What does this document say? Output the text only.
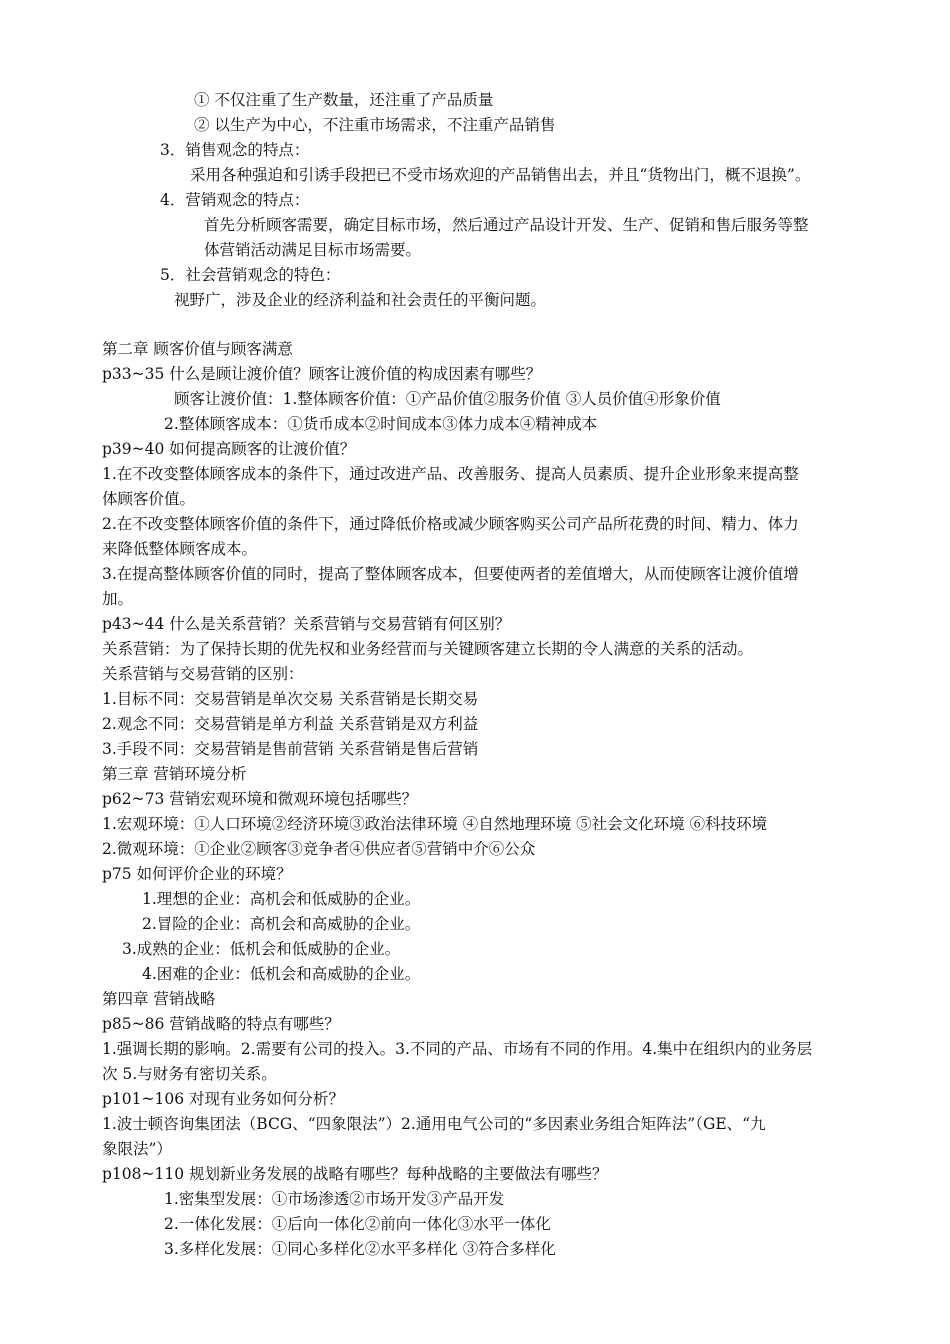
① 不仅注重了生产数量，还注重了产品质量
② 以生产为中心，不注重市场需求，不注重产品销售
3．销售观念的特点：
采用各种强迫和引诱手段把已不受市场欢迎的产品销售出去，并且“货物出门，概不退换”。
4．营销观念的特点：
首先分析顾客需要，确定目标市场，然后通过产品设计开发、生产、促销和售后服务等整
体营销活动满足目标市场需要。
5．社会营销观念的特色：
视野广，涉及企业的经济利益和社会责任的平衡问题。
第二章 顾客价值与顾客满意
p33~35 什么是顾让渡价值？顾客让渡价值的构成因素有哪些？
顾客让渡价值：1.整体顾客价值：①产品价值②服务价值 ③人员价值④形象价值
2.整体顾客成本：①货币成本②时间成本③体力成本④精神成本
p39~40 如何提高顾客的让渡价值？
1.在不改变整体顾客成本的条件下，通过改进产品、改善服务、提高人员素质、提升企业形象来提高整
体顾客价值。
2.在不改变整体顾客价值的条件下，通过降低价格或减少顾客购买公司产品所花费的时间、精力、体力
来降低整体顾客成本。
3.在提高整体顾客价值的同时，提高了整体顾客成本，但要使两者的差值增大，从而使顾客让渡价值增
加。
p43~44 什么是关系营销？关系营销与交易营销有何区别？
关系营销：为了保持长期的优先权和业务经营而与关键顾客建立长期的令人满意的关系的活动。
关系营销与交易营销的区别：
1.目标不同：交易营销是单次交易 关系营销是长期交易
2.观念不同：交易营销是单方利益 关系营销是双方利益
3.手段不同：交易营销是售前营销 关系营销是售后营销
第三章 营销环境分析
p62~73 营销宏观环境和微观环境包括哪些？
1.宏观环境：①人口环境②经济环境③政治法律环境 ④自然地理环境 ⑤社会文化环境 ⑥科技环境
2.微观环境：①企业②顾客③竞争者④供应者⑤营销中介⑥公众
p75 如何评价企业的环境？
1.理想的企业：高机会和低威胁的企业。
2.冒险的企业：高机会和高威胁的企业。
3.成熟的企业：低机会和低威胁的企业。
4.困难的企业：低机会和高威胁的企业。
第四章 营销战略
p85~86 营销战略的特点有哪些？
1.强调长期的影响。2.需要有公司的投入。3.不同的产品、市场有不同的作用。4.集中在组织内的业务层
次 5.与财务有密切关系。
p101~106 对现有业务如何分析？
1.波士顿咨询集团法（BCG、“四象限法”）2.通用电气公司的“多因素业务组合矩阵法”（GE、“九
象限法”）
p108~110 规划新业务发展的战略有哪些？每种战略的主要做法有哪些？
1.密集型发展：①市场渗透②市场开发③产品开发
2.一体化发展：①后向一体化②前向一体化③水平一体化
3.多样化发展：①同心多样化②水平多样化 ③符合多样化
